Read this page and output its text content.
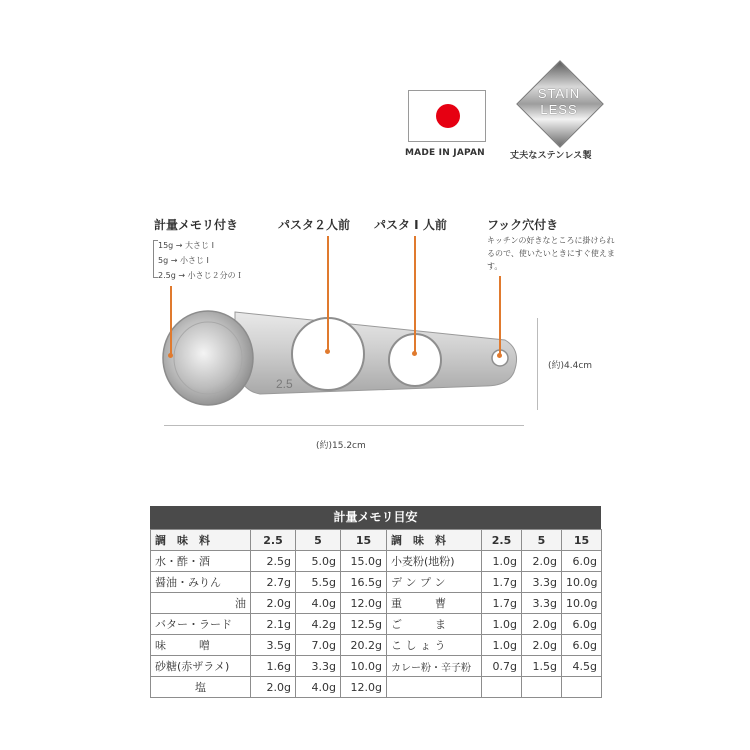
MADE IN JAPAN
STAIN
LESS
丈夫なステンレス製
計量メモリ付き
15g → 大さじ I
5g → 小さじ I
2.5g → 小さじ２分のＩ
パスタ２人前 パスタ I 人前	フック穴付き
キッチンの好きなところに掛けられるので、使いたいときにすぐ使えます。
2.5
(約)4.4cm
(約)15.2cm
計量メモリ目安
調　味　料	2.5	5	15	調　味　料	2.5	5	15
水・酢・酒	2.5g	5.0g	15.0g	小麦粉(地粉)	1.0g	2.0g	6.0g
醤油・みりん	2.7g	5.5g	16.5g	デ ン プ ン	1.7g	3.3g	10.0g
油	2.0g	4.0g	12.0g	重　　　曹	1.7g	3.3g	10.0g
バター・ラード	2.1g	4.2g	12.5g	ご　　　ま	1.0g	2.0g	6.0g
味　　　噌	3.5g	7.0g	20.2g	こ し ょ う	1.0g	2.0g	6.0g
砂糖(赤ザラメ)	1.6g	3.3g	10.0g	カレー粉・辛子粉	0.7g	1.5g	4.5g
塩	2.0g	4.0g	12.0g				
